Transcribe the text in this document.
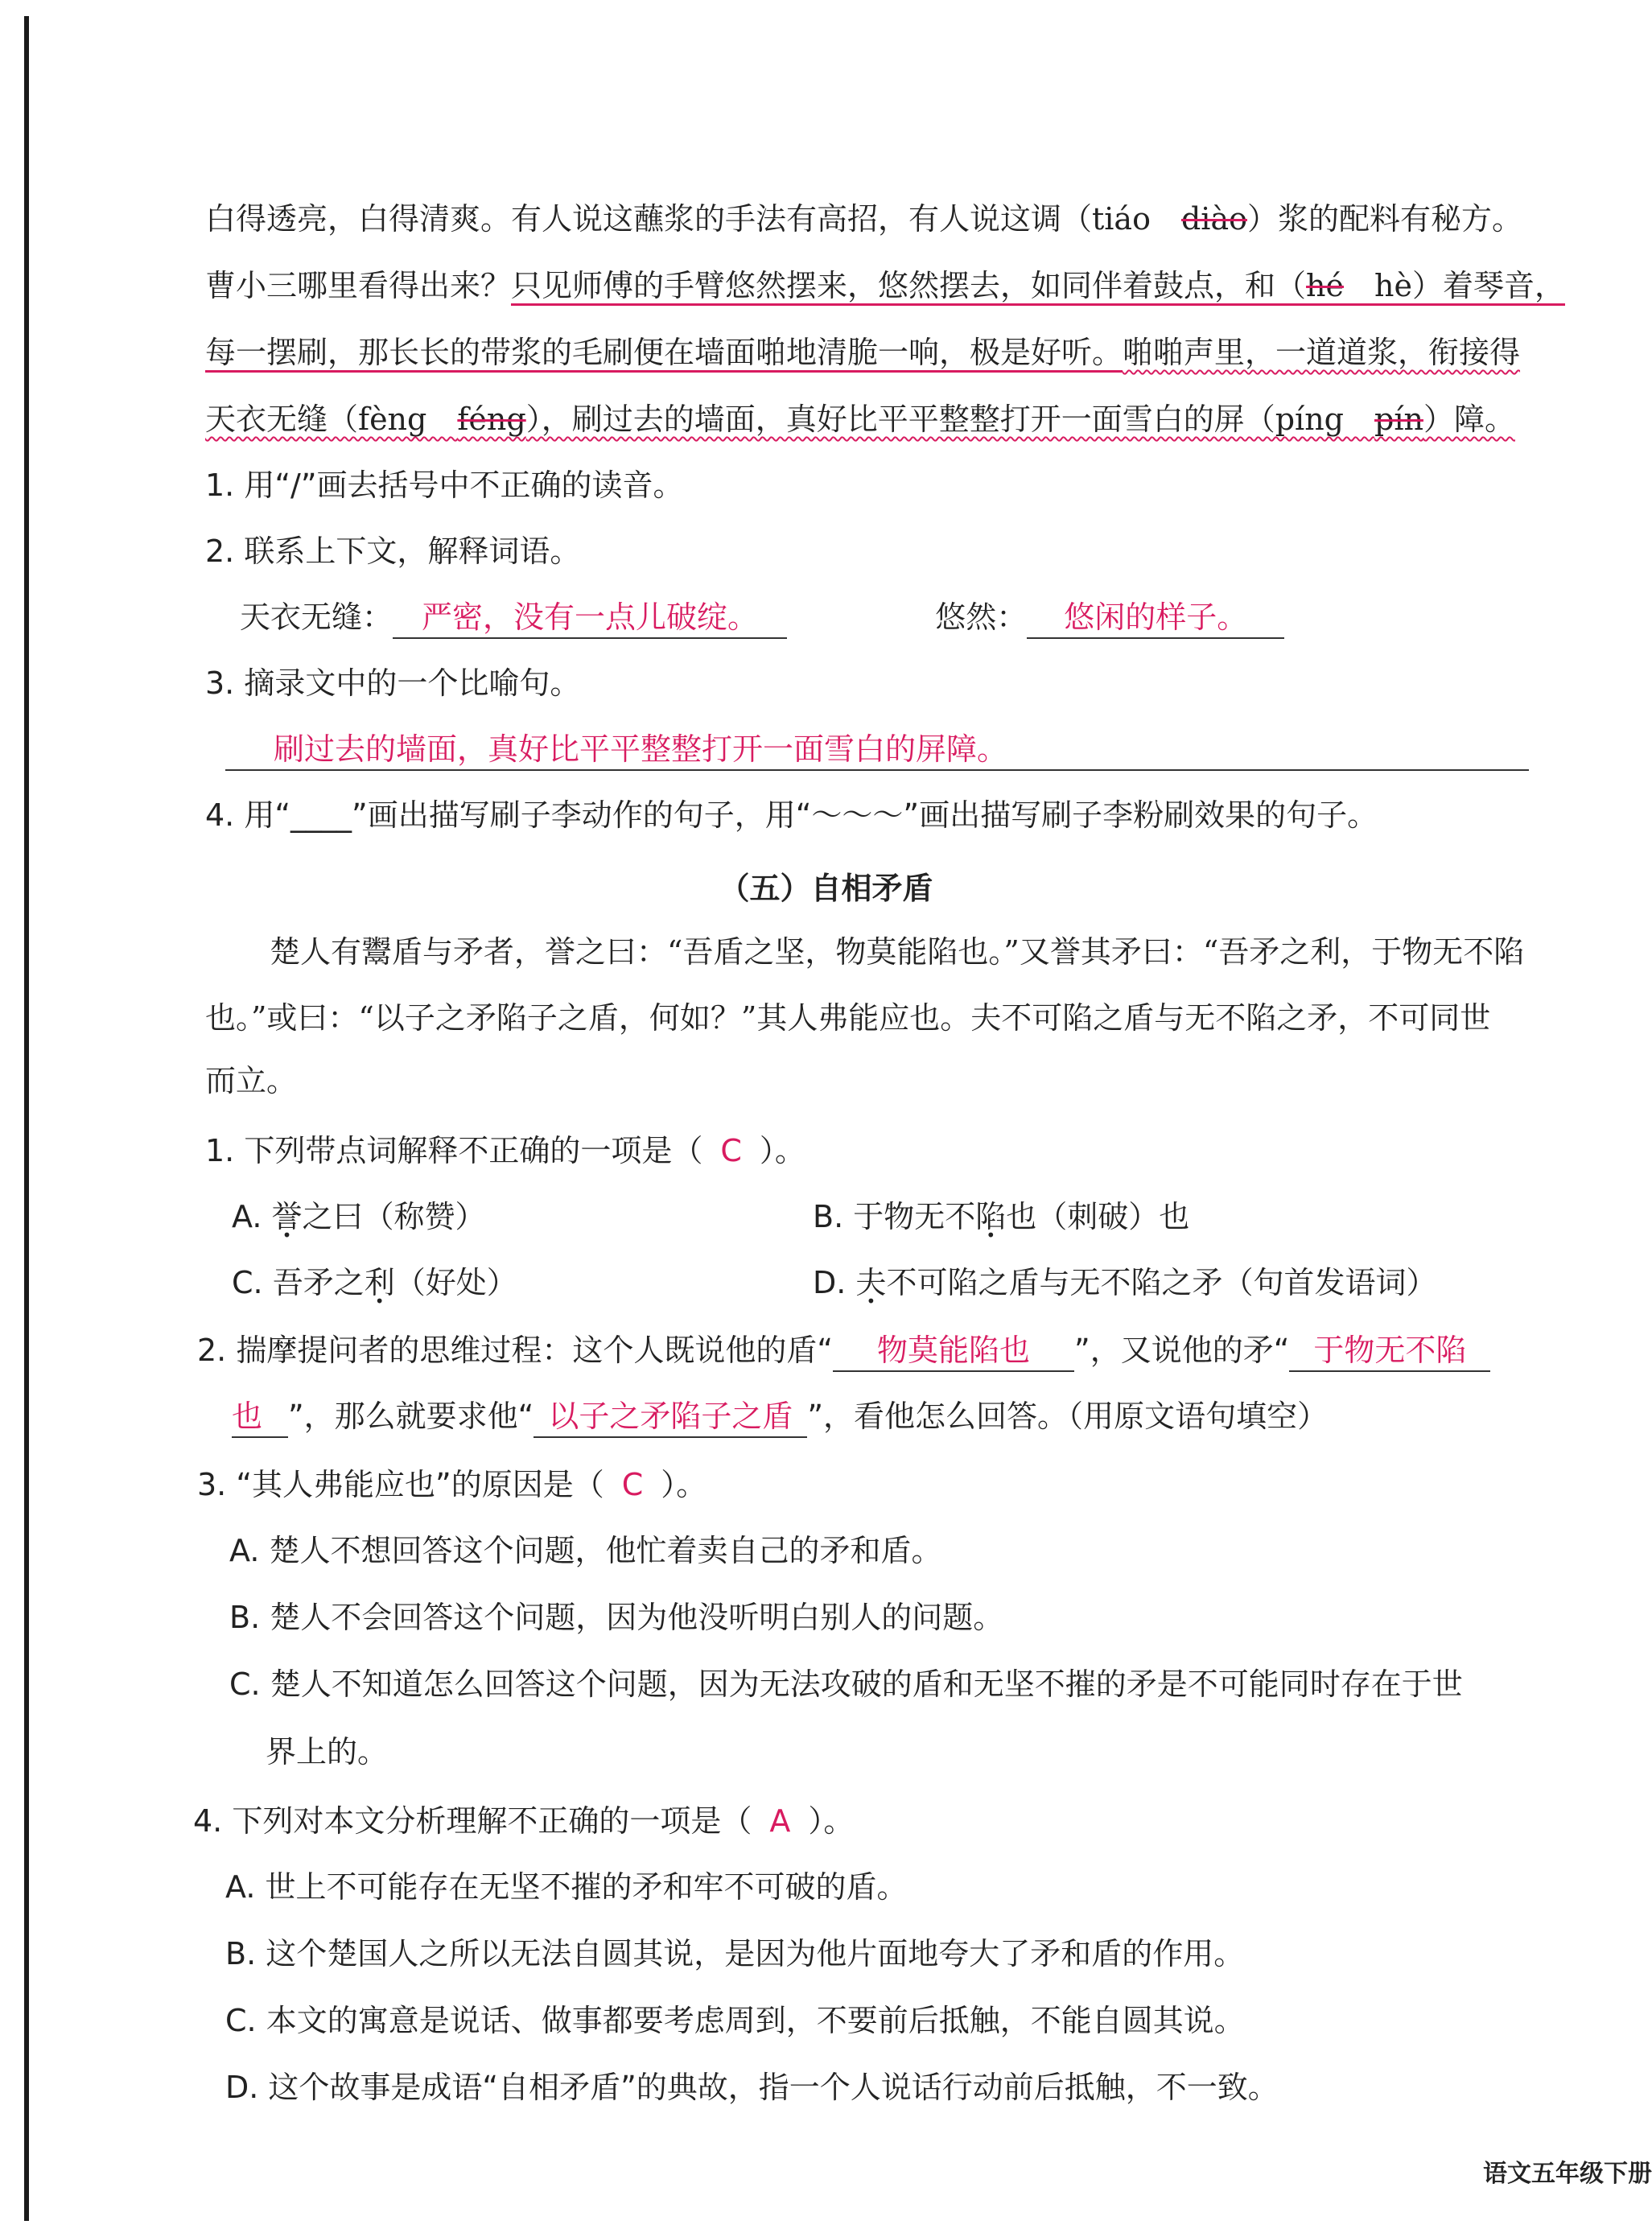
白得透亮，白得清爽。有人说这蘸浆的手法有高招，有人说这调（tiáo　diào）浆的配料有秘方。
曹小三哪里看得出来？只见师傅的手臂悠然摆来，悠然摆去，如同伴着鼓点，和（hé　hè）着琴音，
每一摆刷，那长长的带浆的毛刷便在墙面啪地清脆一响，极是好听。啪啪声里，一道道浆，衔接得
天衣无缝（fèng　féng），刷过去的墙面，真好比平平整整打开一面雪白的屏（píng　pín）障。
1. 用“/”画去括号中不正确的读音。
2. 联系上下文，解释词语。
天衣无缝： 严密，没有一点儿破绽。	悠然： 悠闲的样子。
3. 摘录文中的一个比喻句。
刷过去的墙面，真好比平平整整打开一面雪白的屏障。
4. 用“____”画出描写刷子李动作的句子，用“～～～”画出描写刷子李粉刷效果的句子。
（五）自相矛盾
楚人有鬻盾与矛者，誉之曰：“吾盾之坚，物莫能陷也。”又誉其矛曰：“吾矛之利，于物无不陷
也。”或曰：“以子之矛陷子之盾，何如？”其人弗能应也。夫不可陷之盾与无不陷之矛，不可同世
而立。
1. 下列带点词解释不正确的一项是（ C ）。
A. 誉之曰（称赞）	B. 于物无不陷也（刺破）也
C. 吾矛之利（好处）	D. 夫不可陷之盾与无不陷之矛（句首发语词）
2. 揣摩提问者的思维过程：这个人既说他的盾“ 物莫能陷也 ”，又说他的矛“ 于物无不陷
也 ”，那么就要求他“ 以子之矛陷子之盾 ”，看他怎么回答。（用原文语句填空）
3. “其人弗能应也”的原因是（ C ）。
A. 楚人不想回答这个问题，他忙着卖自己的矛和盾。
B. 楚人不会回答这个问题，因为他没听明白别人的问题。
C. 楚人不知道怎么回答这个问题，因为无法攻破的盾和无坚不摧的矛是不可能同时存在于世
界上的。
4. 下列对本文分析理解不正确的一项是（ A ）。
A. 世上不可能存在无坚不摧的矛和牢不可破的盾。
B. 这个楚国人之所以无法自圆其说，是因为他片面地夸大了矛和盾的作用。
C. 本文的寓意是说话、做事都要考虑周到，不要前后抵触，不能自圆其说。
D. 这个故事是成语“自相矛盾”的典故，指一个人说话行动前后抵触，不一致。
语文五年级下册
